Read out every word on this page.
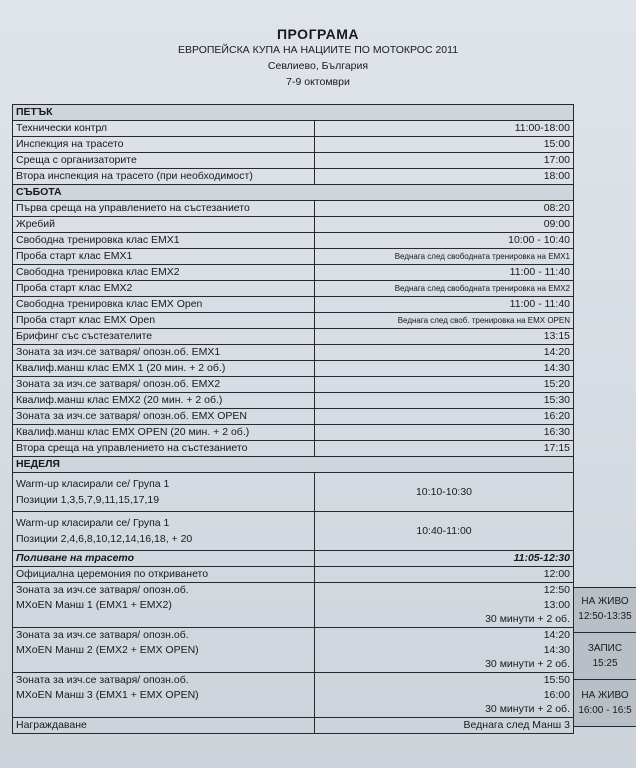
ПРОГРАМА
ЕВРОПЕЙСКА КУПА НА НАЦИИТЕ ПО МОТОКРОС 2011
Севлиево, България
7-9 октомври
ПЕТЪК	
Технически контрл	11:00-18:00
Инспекция на трасето	15:00
Среща с организаторите	17:00
Втора инспекция на трасето (при необходимост)	18:00
СЪБОТА	
Първа среща на управлението на състезанието	08:20
Жребий	09:00
Свободна тренировка клас EMX1	10:00 - 10:40
Проба старт клас EMX1	Веднага след свободната тренировка на EMX1
Свободна тренировка клас EMX2	11:00 - 11:40
Проба старт клас EMX2	Веднага след свободната тренировка на EMX2
Свободна тренировка клас EMX Open	11:00 - 11:40
Проба старт клас EMX Open	Веднага след своб. тренировка на EMX OPEN
Брифинг със състезателите	13:15
Зоната за изч.се затваря/ опозн.об. EMX1	14:20
Квалиф.манш клас EMX 1 (20 мин. + 2 об.)	14:30
Зоната за изч.се затваря/ опозн.об. EMX2	15:20
Квалиф.манш клас EMX2 (20 мин. + 2 об.)	15:30
Зоната за изч.се затваря/ опозн.об. EMX OPEN	16:20
Квалиф.манш клас EMX OPEN (20 мин. + 2 об.)	16:30
Втора среща на управлението на състезанието	17:15
НЕДЕЛЯ	

Warm-up класирали се/ Група 1
Позиции 1,3,5,7,9,11,15,17,19	10:10-10:30

Warm-up класирали се/ Група 1
Позиции 2,4,6,8,10,12,14,16,18, + 20	10:40-11:00
Поливане на трасето	11:05-12:30
Официална церемония по откриването	12:00

Зоната за изч.се затваря/ опозн.об.
MXoEN Манш 1 (EMX1 + EMX2)	12:50
13:00
30 минути + 2 об.

Зоната за изч.се затваря/ опозн.об.
MXoEN Манш 2 (EMX2 + EMX OPEN)	14:20
14:30
30 минути + 2 об.

Зоната за изч.се затваря/ опозн.об.
MXoEN Манш 3 (EMX1 + EMX OPEN)	15:50
16:00
30 минути + 2 об.

Награждаване	Веднага след Манш 3
НА ЖИВО
12:50-13:35
ЗАПИС
15:25
НА ЖИВО
16:00 - 16:5
